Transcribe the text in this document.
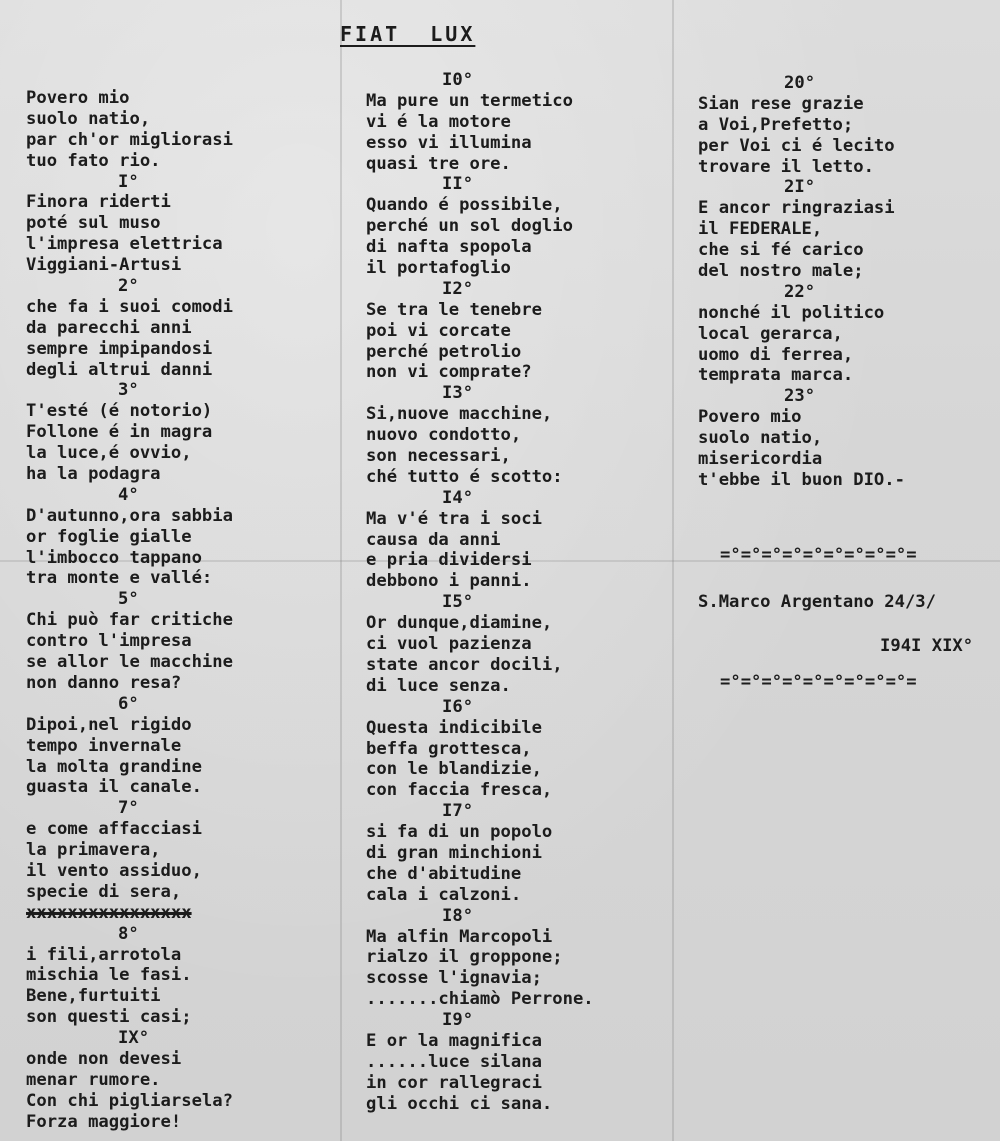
FIAT  LUX
Povero mio
suolo natio,
par ch'or migliorasi
tuo fato rio.
I°
Finora riderti
poté sul muso
l'impresa elettrica
Viggiani-Artusi
2°
che fa i suoi comodi
da parecchi anni
sempre impipandosi
degli altrui danni
3°
T'esté (é notorio)
Follone é in magra
la luce,é ovvio,
ha la podagra
4°
D'autunno,ora sabbia
or foglie gialle
l'imbocco tappano
tra monte e vallé:
5°
Chi può far critiche
contro l'impresa
se allor le macchine
non danno resa?
6°
Dipoi,nel rigido
tempo invernale
la molta grandine
guasta il canale.
7°
e come affacciasi
la primavera,
il vento assiduo,
specie di sera,
xxxxxxxxxxxxxxxx
8°
i fili,arrotola
mischia le fasi.
Bene,furtuiti
son questi casi;
IX°
onde non devesi
menar rumore.
Con chi pigliarsela?
Forza maggiore!
I0°
Ma pure un termetico
vi é la motore
esso vi illumina
quasi tre ore.
II°
Quando é possibile,
perché un sol doglio
di nafta spopola
il portafoglio
I2°
Se tra le tenebre
poi vi corcate
perché petrolio
non vi comprate?
I3°
Si,nuove macchine,
nuovo condotto,
son necessari,
ché tutto é scotto:
I4°
Ma v'é tra i soci
causa da anni
e pria dividersi
debbono i panni.
I5°
Or dunque,diamine,
ci vuol pazienza
state ancor docili,
di luce senza.
I6°
Questa indicibile
beffa grottesca,
con le blandizie,
con faccia fresca,
I7°
si fa di un popolo
di gran minchioni
che d'abitudine
cala i calzoni.
I8°
Ma alfin Marcopoli
rialzo il groppone;
scosse l'ignavia;
.......chiamò Perrone.
I9°
E or la magnifica
......luce silana
in cor rallegraci
gli occhi ci sana.
20°
Sian rese grazie
a Voi,Prefetto;
per Voi ci é lecito
trovare il letto.
2I°
E ancor ringraziasi
il FEDERALE,
che si fé carico
del nostro male;
22°
nonché il politico
local gerarca,
uomo di ferrea,
temprata marca.
23°
Povero mio
suolo natio,
misericordia
t'ebbe il buon DIO.-
=°=°=°=°=°=°=°=°=°=
S.Marco Argentano 24/3/
I94I XIX°
=°=°=°=°=°=°=°=°=°=
